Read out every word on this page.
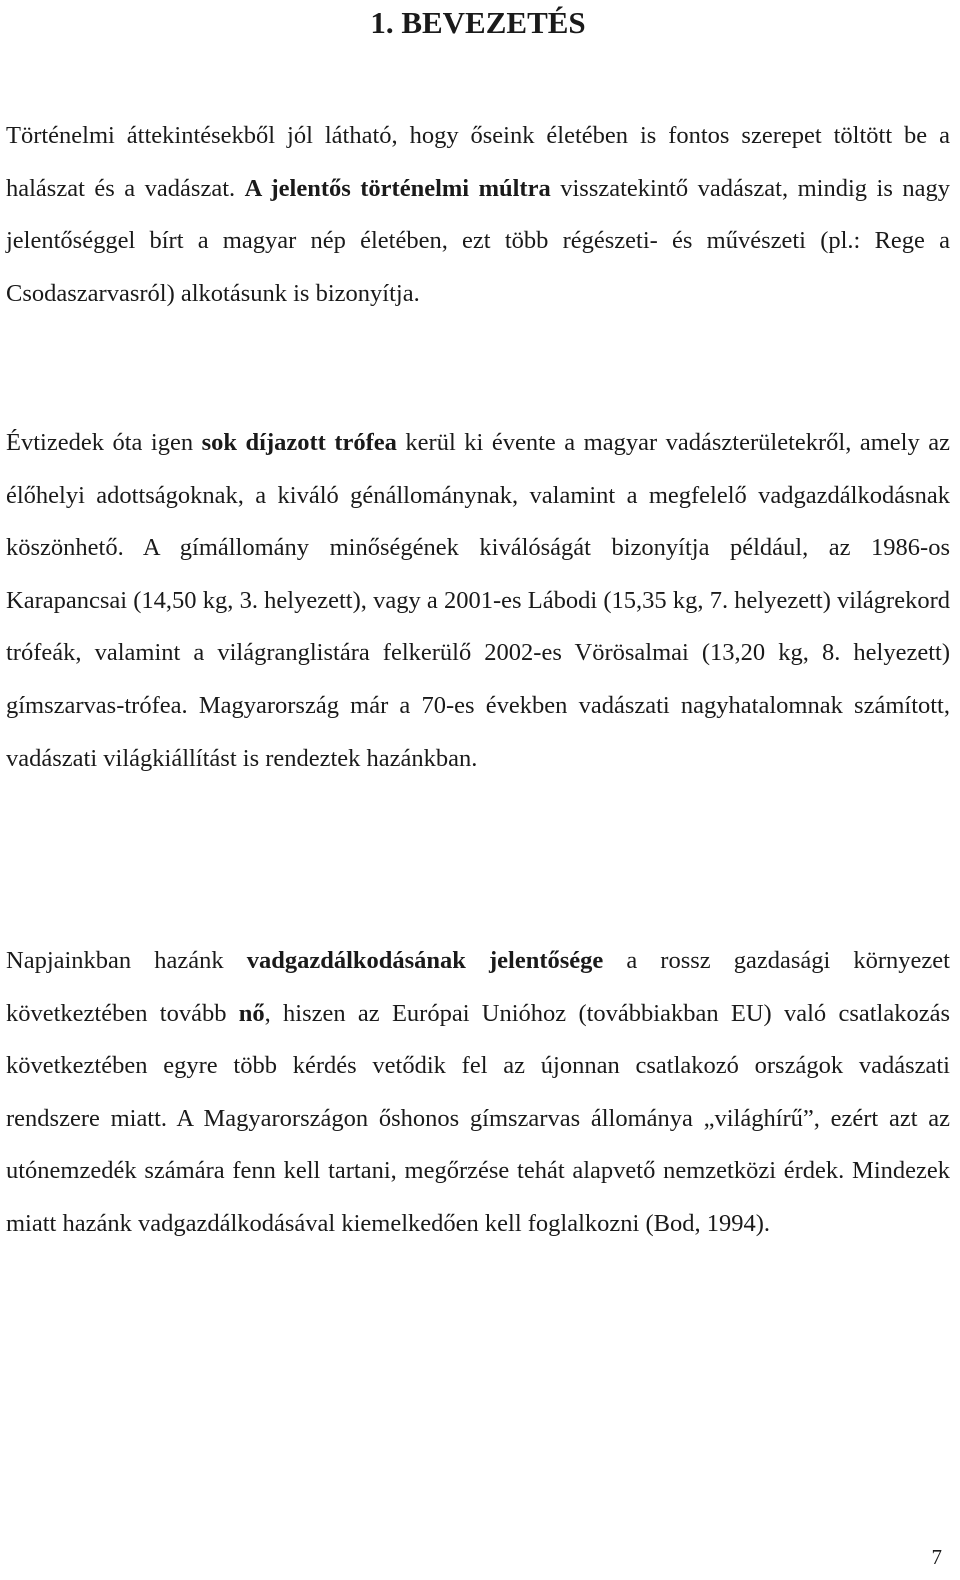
1. BEVEZETÉS

Történelmi áttekintésekből jól látható, hogy őseink életében is fontos szerepet töltött be a halászat és a vadászat. A jelentős történelmi múltra visszatekintő vadászat, mindig is nagy jelentőséggel bírt a magyar nép életében, ezt több régészeti- és művészeti (pl.: Rege a Csodaszarvasról) alkotásunk is bizonyítja.

Évtizedek óta igen sok díjazott trófea kerül ki évente a magyar vadászterületekről, amely az élőhelyi adottságoknak, a kiváló génállománynak, valamint a megfelelő vadgazdálkodásnak köszönhető. A gímállomány minőségének kiválóságát bizonyítja például, az 1986-os Karapancsai (14,50 kg, 3. helyezett), vagy a 2001-es Lábodi (15,35 kg, 7. helyezett) világrekord trófeák, valamint a világranglistára felkerülő 2002-es Vörösalmai (13,20 kg, 8. helyezett) gímszarvas-trófea. Magyarország már a 70-es években vadászati nagyhatalomnak számított, vadászati világkiállítást is rendeztek hazánkban.

Napjainkban hazánk vadgazdálkodásának jelentősége a rossz gazdasági környezet következtében tovább nő, hiszen az Európai Unióhoz (továbbiakban EU) való csatlakozás következtében egyre több kérdés vetődik fel az újonnan csatlakozó országok vadászati rendszere miatt. A Magyarországon őshonos gímszarvas állománya „világhírű”, ezért azt az utónemzedék számára fenn kell tartani, megőrzése tehát alapvető nemzetközi érdek. Mindezek miatt hazánk vadgazdálkodásával kiemelkedően kell foglalkozni (Bod, 1994).

7
